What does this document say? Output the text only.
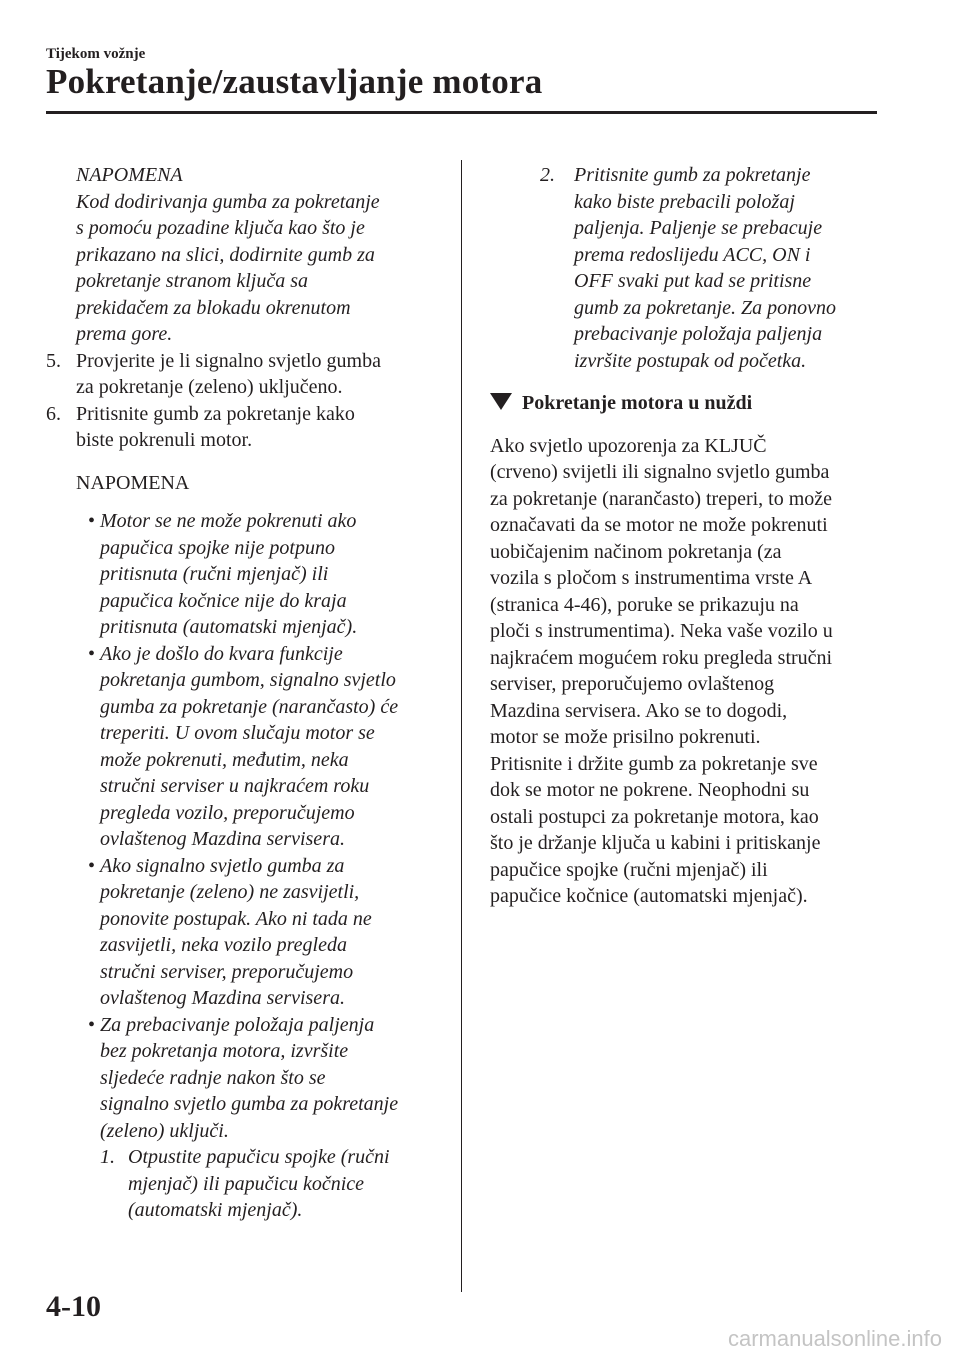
Tijekom vožnje
Pokretanje/zaustavljanje motora
NAPOMENA
Kod dodirivanja gumba za pokretanje
s pomoću pozadine ključa kao što je
prikazano na slici, dodirnite gumb za
pokretanje stranom ključa sa
prekidačem za blokadu okrenutom
prema gore.
5. Provjerite je li signalno svjetlo gumba
za pokretanje (zeleno) uključeno.
6. Pritisnite gumb za pokretanje kako
biste pokrenuli motor.
NAPOMENA
• Motor se ne može pokrenuti ako
papučica spojke nije potpuno
pritisnuta (ručni mjenjač) ili
papučica kočnice nije do kraja
pritisnuta (automatski mjenjač).
• Ako je došlo do kvara funkcije
pokretanja gumbom, signalno svjetlo
gumba za pokretanje (narančasto) će
treperiti. U ovom slučaju motor se
može pokrenuti, međutim, neka
stručni serviser u najkraćem roku
pregleda vozilo, preporučujemo
ovlaštenog Mazdina servisera.
• Ako signalno svjetlo gumba za
pokretanje (zeleno) ne zasvijetli,
ponovite postupak. Ako ni tada ne
zasvijetli, neka vozilo pregleda
stručni serviser, preporučujemo
ovlaštenog Mazdina servisera.
• Za prebacivanje položaja paljenja
bez pokretanja motora, izvršite
sljedeće radnje nakon što se
signalno svjetlo gumba za pokretanje
(zeleno) uključi.
1. Otpustite papučicu spojke (ručni
mjenjač) ili papučicu kočnice
(automatski mjenjač).
2. Pritisnite gumb za pokretanje
kako biste prebacili položaj
paljenja. Paljenje se prebacuje
prema redoslijedu ACC, ON i
OFF svaki put kad se pritisne
gumb za pokretanje. Za ponovno
prebacivanje položaja paljenja
izvršite postupak od početka.
Pokretanje motora u nuždi
Ako svjetlo upozorenja za KLJUČ
(crveno) svijetli ili signalno svjetlo gumba
za pokretanje (narančasto) treperi, to može
označavati da se motor ne može pokrenuti
uobičajenim načinom pokretanja (za
vozila s pločom s instrumentima vrste A
(stranica 4-46), poruke se prikazuju na
ploči s instrumentima). Neka vaše vozilo u
najkraćem mogućem roku pregleda stručni
serviser, preporučujemo ovlaštenog
Mazdina servisera. Ako se to dogodi,
motor se može prisilno pokrenuti.
Pritisnite i držite gumb za pokretanje sve
dok se motor ne pokrene. Neophodni su
ostali postupci za pokretanje motora, kao
što je držanje ključa u kabini i pritiskanje
papučice spojke (ručni mjenjač) ili
papučice kočnice (automatski mjenjač).
4-10
carmanualsonline.info
